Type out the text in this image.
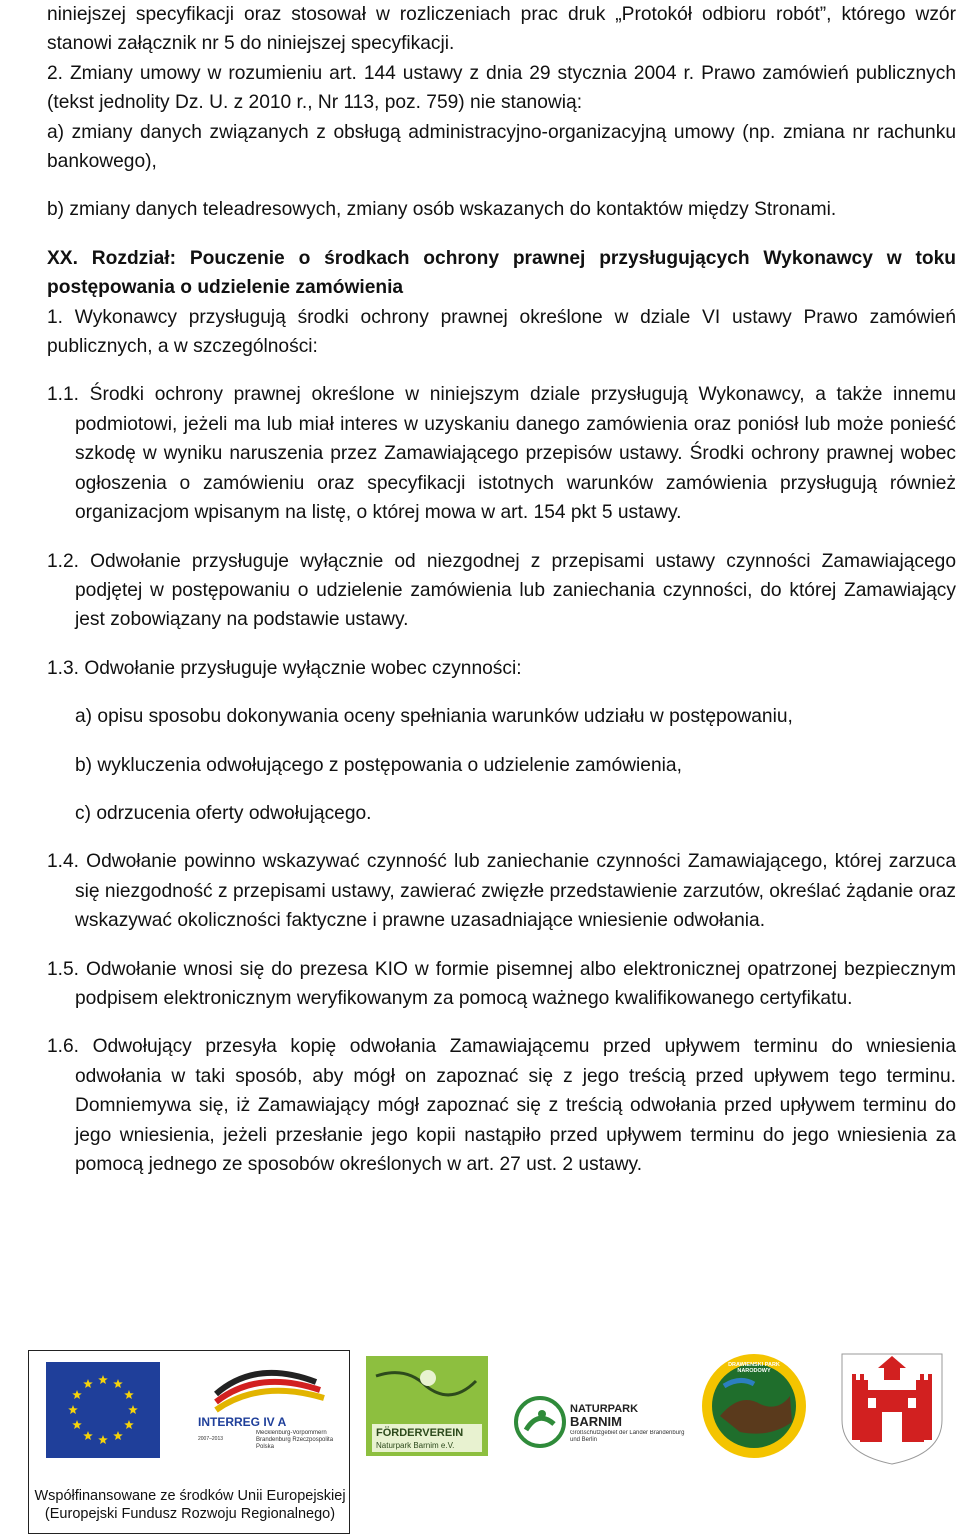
niniejszej specyfikacji oraz stosował w rozliczeniach prac druk „Protokół odbioru robót”, którego wzór stanowi załącznik nr 5 do niniejszej specyfikacji.

2. Zmiany umowy w rozumieniu art. 144 ustawy z dnia 29 stycznia 2004 r. Prawo zamówień publicznych (tekst jednolity Dz. U. z 2010 r., Nr 113, poz. 759) nie stanowią:

a) zmiany danych związanych z obsługą administracyjno-organizacyjną umowy (np. zmiana nr rachunku bankowego),

b) zmiany danych teleadresowych, zmiany osób wskazanych do kontaktów między Stronami.

XX. Rozdział: Pouczenie o środkach ochrony prawnej przysługujących Wykonawcy w toku postępowania o udzielenie zamówienia

1. Wykonawcy przysługują środki ochrony prawnej określone w dziale VI ustawy Prawo zamówień publicznych, a w szczególności:

1.1. Środki ochrony prawnej określone w niniejszym dziale przysługują Wykonawcy, a także innemu podmiotowi, jeżeli ma lub miał interes w uzyskaniu danego zamówienia oraz poniósł lub może ponieść szkodę w wyniku naruszenia przez Zamawiającego przepisów ustawy. Środki ochrony prawnej wobec ogłoszenia o zamówieniu oraz specyfikacji istotnych warunków zamówienia przysługują również organizacjom wpisanym na listę, o której mowa w art. 154 pkt 5 ustawy.

1.2. Odwołanie przysługuje wyłącznie od niezgodnej z przepisami ustawy czynności Zamawiającego podjętej w postępowaniu o udzielenie zamówienia lub zaniechania czynności, do której Zamawiający jest zobowiązany na podstawie ustawy.

1.3. Odwołanie przysługuje wyłącznie wobec czynności:

a) opisu sposobu dokonywania oceny spełniania warunków udziału w postępowaniu,

b) wykluczenia odwołującego z postępowania o udzielenie zamówienia,

c) odrzucenia oferty odwołującego.

1.4. Odwołanie powinno wskazywać czynność lub zaniechanie czynności Zamawiającego, której zarzuca się niezgodność z przepisami ustawy, zawierać zwięzłe przedstawienie zarzutów, określać żądanie oraz wskazywać okoliczności faktyczne i prawne uzasadniające wniesienie odwołania.

1.5. Odwołanie wnosi się do prezesa KIO w formie pisemnej albo elektronicznej opatrzonej bezpiecznym podpisem elektronicznym weryfikowanym za pomocą ważnego kwalifikowanego certyfikatu.

1.6. Odwołujący przesyła kopię odwołania Zamawiającemu przed upływem terminu do wniesienia odwołania w taki sposób, aby mógł on zapoznać się z jego treścią przed upływem tego terminu. Domniemywa się, iż Zamawiający mógł zapoznać się z treścią odwołania przed upływem terminu do jego wniesienia, jeżeli przesłanie jego kopii nastąpiło przed upływem terminu do jego wniesienia za pomocą jednego ze sposobów określonych w art. 27 ust. 2 ustawy.

Współfinansowane ze środków Unii Europejskiej (Europejski Fundusz Rozwoju Regionalnego)
INTERREG IV A
2007–2013
Mecklenburg-Vorpommern Brandenburg Rzeczpospolita Polska
FÖRDERVEREIN
Naturpark Barnim e.V.
NATURPARK
BARNIM
Großschutzgebiet der Länder Brandenburg und Berlin
DRAWIEŃSKI PARK NARODOWY
